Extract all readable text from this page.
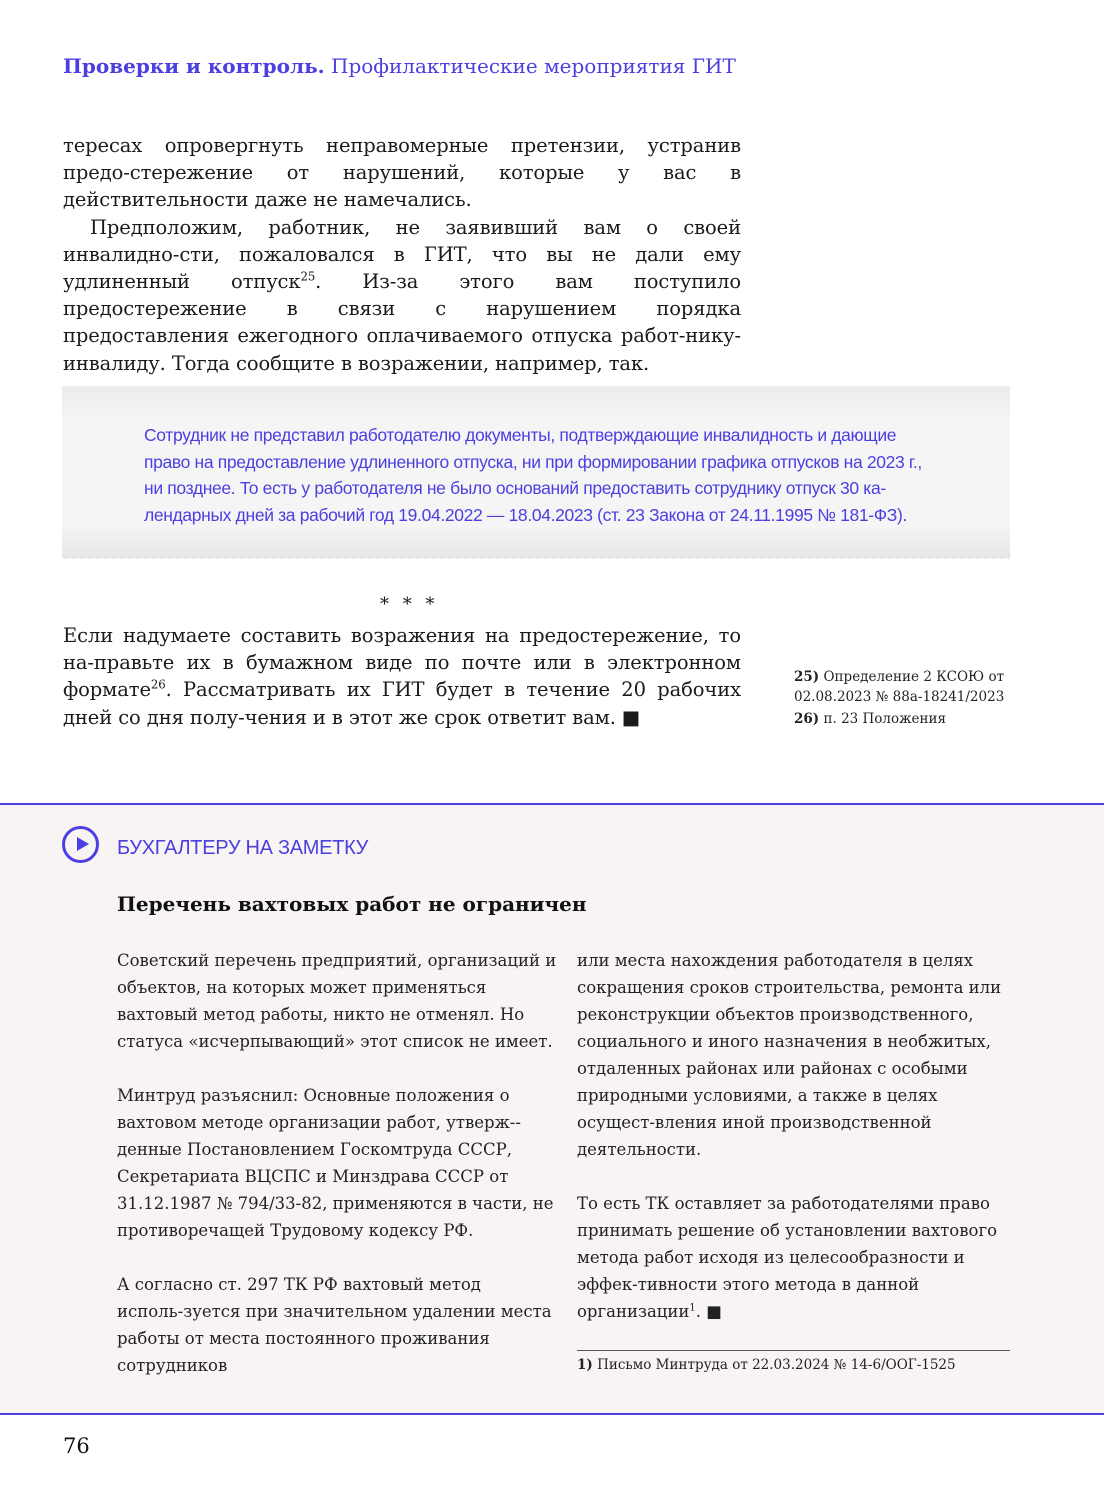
Проверки и контроль. Профилактические мероприятия ГИТ

тересах опровергнуть неправомерные претензии, устранив предо-стережение от нарушений, которые у вас в действительности даже не намечались.

Предположим, работник, не заявивший вам о своей инвалидно-сти, пожаловался в ГИТ, что вы не дали ему удлиненный отпуск$^{25}$. Из-за этого вам поступило предостережение в связи с нарушением порядка предоставления ежегодного оплачиваемого отпуска работ-нику-инвалиду. Тогда сообщите в возражении, например, так.

Сотрудник не представил работодателю документы, подтверждающие инвалидность и дающие

право на предоставление удлиненного отпуска, ни при формировании графика отпусков на 2023 г.,

ни позднее. То есть у работодателя не было оснований предоставить сотруднику отпуск 30 ка-

лендарных дней за рабочий год 19.04.2022 — 18.04.2023 (ст. 23 Закона от 24.11.1995 № 181-ФЗ).

* * *

Если надумаете составить возражения на предостережение, то на-правьте их в бумажном виде по почте или в электронном формате$^{26}$. Рассматривать их ГИТ будет в течение 20 рабочих дней со дня полу-чения и в этот же срок ответит вам. ■

25) Определение 2 КСОЮ от 02.08.2023 № 88а-18241/2023

26) п. 23 Положения

БУХГАЛТЕРУ НА ЗАМЕТКУ
Перечень вахтовых работ не ограничен

Советский перечень предприятий, организаций и объектов, на которых может применяться вахтовый метод работы, никто не отменял. Но статуса «исчерпывающий» этот список не имеет.

Минтруд разъяснил: Основные положения о вахтовом методе организации работ, утверж-денные Постановлением Госкомтруда СССР, Секретариата ВЦСПС и Минздрава СССР от 31.12.1987 № 794/33-82, применяются в части, не противоречащей Трудовому кодексу РФ.

А согласно ст. 297 ТК РФ вахтовый метод исполь-зуется при значительном удалении места работы от места постоянного проживания сотрудников

или места нахождения работодателя в целях сокращения сроков строительства, ремонта или реконструкции объектов производственного, социального и иного назначения в необжитых, отдаленных районах или районах с особыми природными условиями, а также в целях осущест-вления иной производственной деятельности.

То есть ТК оставляет за работодателями право принимать решение об установлении вахтового метода работ исходя из целесообразности и эффек-тивности этого метода в данной организации$^1$. ■

1) Письмо Минтруда от 22.03.2024 № 14-6/ООГ-1525
76
